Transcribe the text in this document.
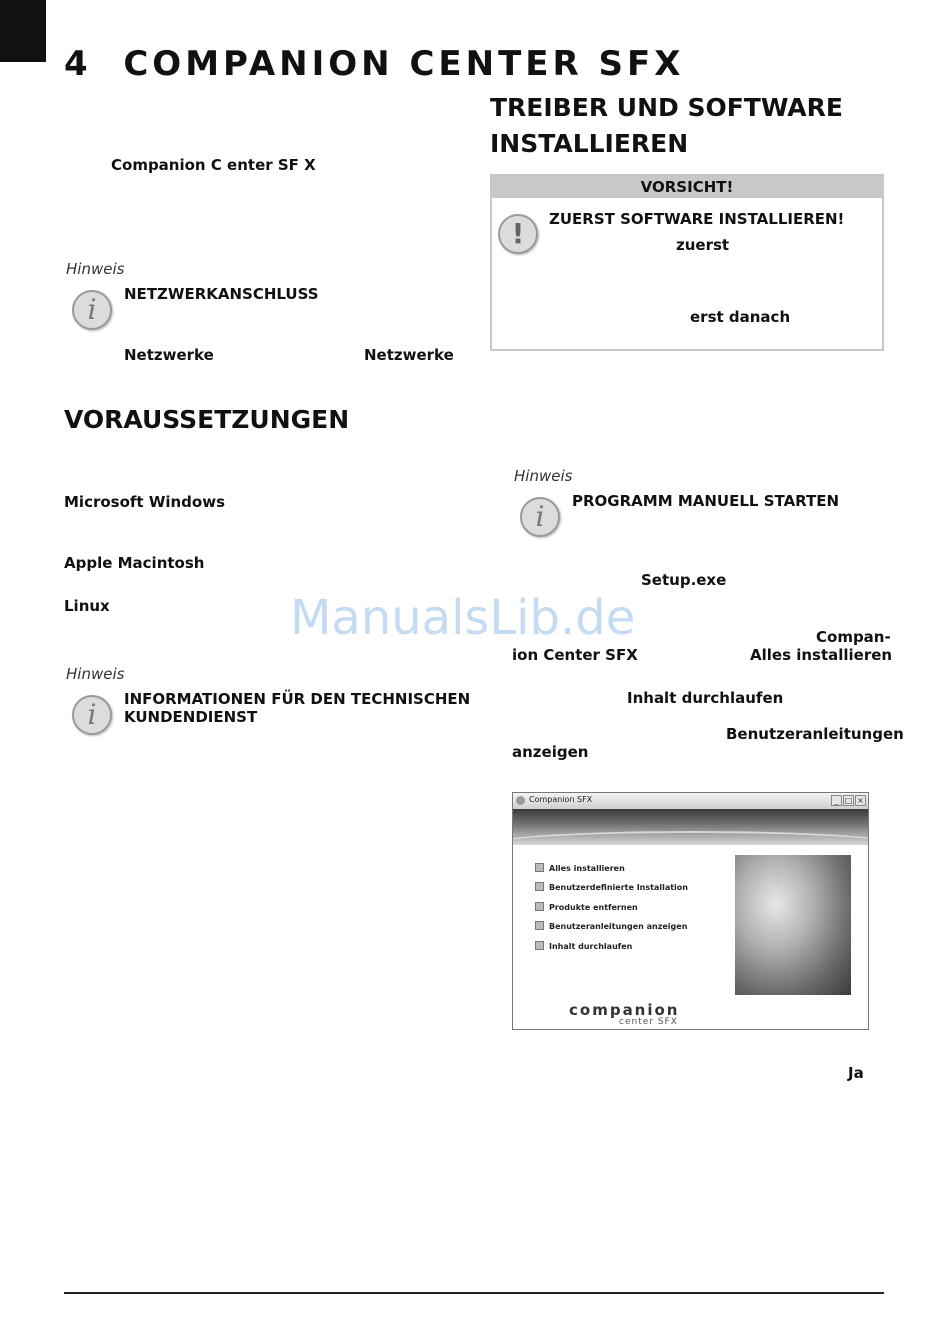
4 COMPANION CENTER SFX
Companion C enter SF X
Hinweis
i	NETZWERKANSCHLUSS
Netzwerke	Netzwerke
VORAUSSETZUNGEN
Microsoft Windows
Apple Macintosh
Linux
Hinweis
i	INFORMATIONEN FÜR DEN TECHNISCHEN
KUNDENDIENST
TREIBER UND SOFTWARE
INSTALLIEREN
VORSICHT!
!	ZUERST SOFTWARE INSTALLIEREN!
zuerst
erst danach
Hinweis
i	PROGRAMM MANUELL STARTEN
Setup.exe
ManualsLib.de	Compan-
ion Center SFX	Alles installieren
Inhalt durchlaufen
Benutzeranleitungen
anzeigen
Companion SFX	_ □ ×
Alles installieren
Benutzerdefinierte Installation
Produkte entfernen
Benutzeranleitungen anzeigen
Inhalt durchlaufen
companion
center SFX
Ja
